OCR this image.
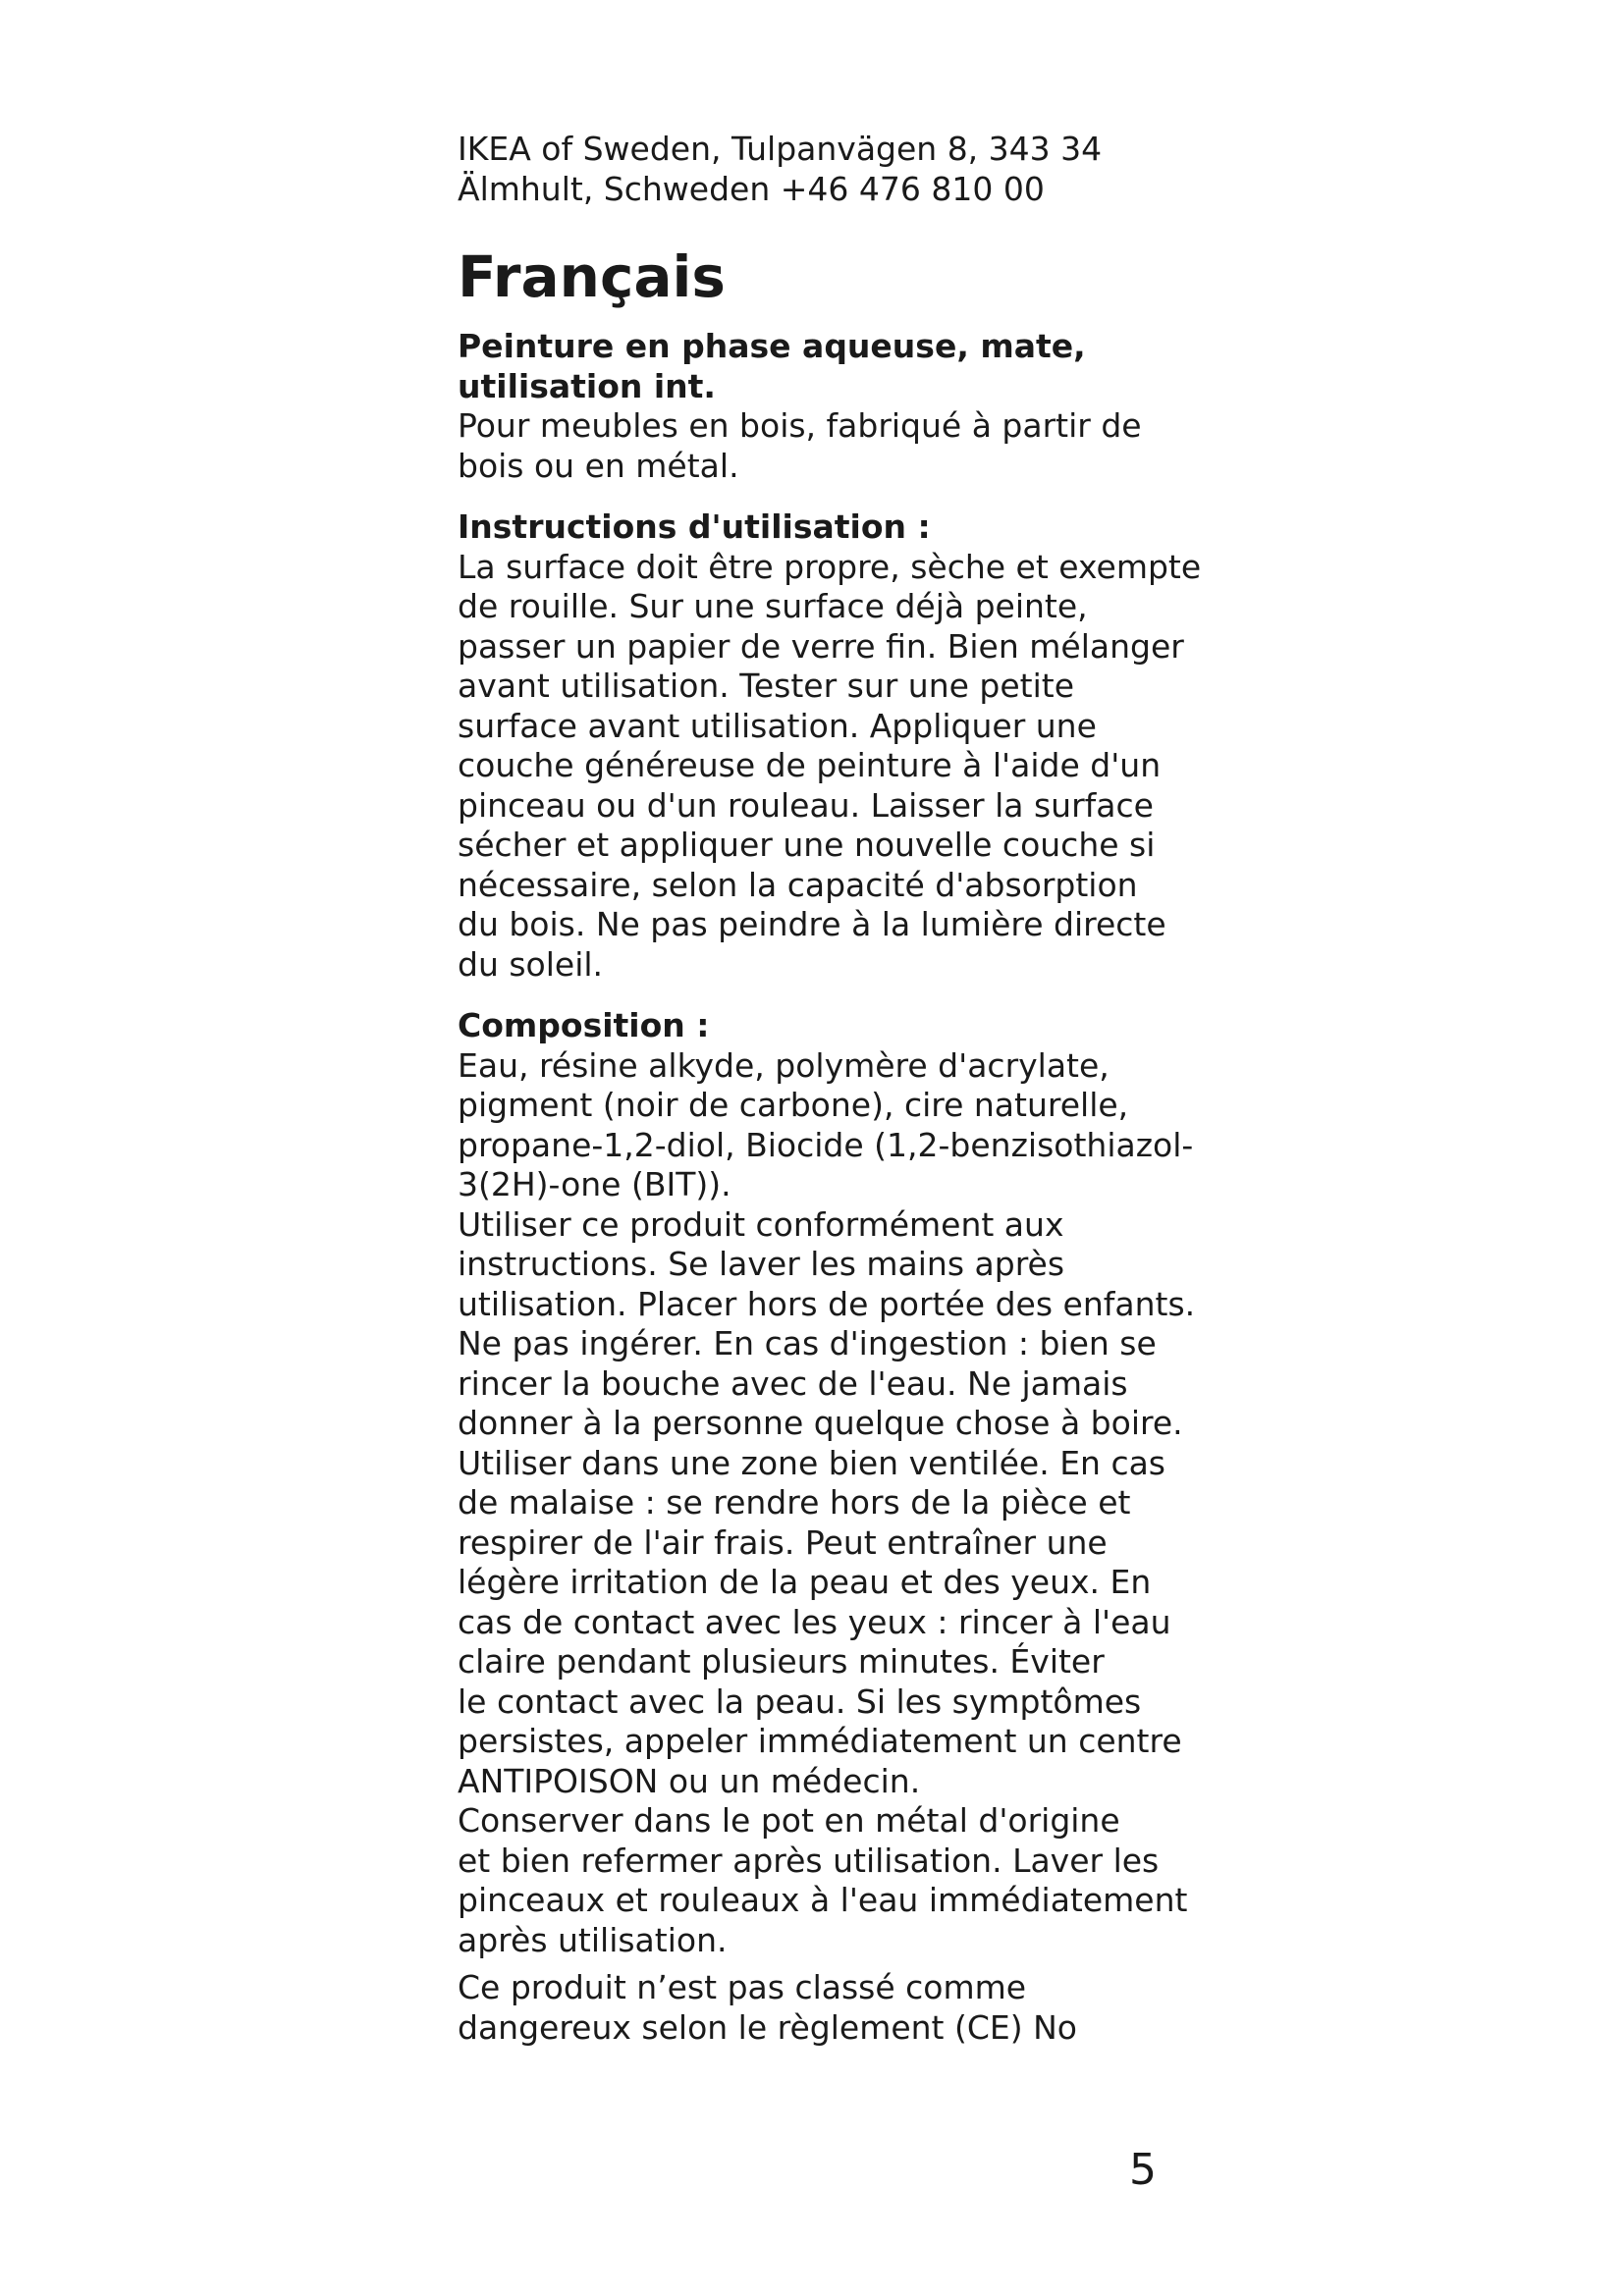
IKEA of Sweden, Tulpanvägen 8, 343 34
Älmhult, Schweden +46 476 810 00

Français

Peinture en phase aqueuse, mate,
utilisation int.

Pour meubles en bois, fabriqué à partir de
bois ou en métal.

Instructions d'utilisation :

La surface doit être propre, sèche et exempte
de rouille. Sur une surface déjà peinte,
passer un papier de verre fin. Bien mélanger
avant utilisation. Tester sur une petite
surface avant utilisation. Appliquer une
couche généreuse de peinture à l'aide d'un
pinceau ou d'un rouleau. Laisser la surface
sécher et appliquer une nouvelle couche si
nécessaire, selon la capacité d'absorption
du bois. Ne pas peindre à la lumière directe
du soleil.

Composition :

Eau, résine alkyde, polymère d'acrylate,
pigment (noir de carbone), cire naturelle,
propane-1,2-diol, Biocide (1,2-benzisothiazol-
3(2H)-one (BIT)).
Utiliser ce produit conformément aux
instructions. Se laver les mains après
utilisation. Placer hors de portée des enfants.
Ne pas ingérer. En cas d'ingestion : bien se
rincer la bouche avec de l'eau. Ne jamais
donner à la personne quelque chose à boire.
Utiliser dans une zone bien ventilée. En cas
de malaise : se rendre hors de la pièce et
respirer de l'air frais. Peut entraîner une
légère irritation de la peau et des yeux. En
cas de contact avec les yeux : rincer à l'eau
claire pendant plusieurs minutes. Éviter
le contact avec la peau. Si les symptômes
persistes, appeler immédiatement un centre
ANTIPOISON ou un médecin.
Conserver dans le pot en métal d'origine
et bien refermer après utilisation. Laver les
pinceaux et rouleaux à l'eau immédiatement
après utilisation.

Ce produit n’est pas classé comme
dangereux selon le règlement (CE) No

5
